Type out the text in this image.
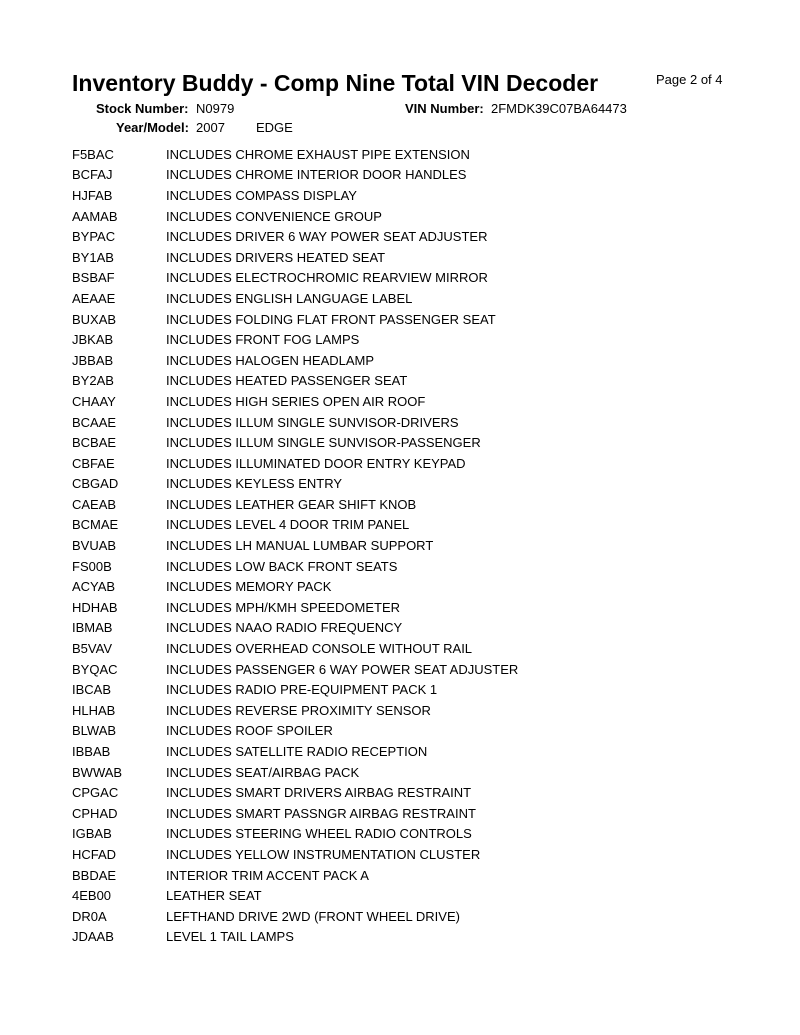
Inventory Buddy - Comp Nine Total VIN Decoder	Page 2 of 4
Stock Number: N0979	VIN Number: 2FMDK39C07BA64473
Year/Model: 2007 EDGE
F5BAC	INCLUDES CHROME EXHAUST PIPE EXTENSION
BCFAJ	INCLUDES CHROME INTERIOR DOOR HANDLES
HJFAB	INCLUDES COMPASS DISPLAY
AAMAB	INCLUDES CONVENIENCE GROUP
BYPAC	INCLUDES DRIVER 6 WAY POWER SEAT ADJUSTER
BY1AB	INCLUDES DRIVERS HEATED SEAT
BSBAF	INCLUDES ELECTROCHROMIC REARVIEW MIRROR
AEAAE	INCLUDES ENGLISH LANGUAGE LABEL
BUXAB	INCLUDES FOLDING FLAT FRONT PASSENGER SEAT
JBKAB	INCLUDES FRONT FOG LAMPS
JBBAB	INCLUDES HALOGEN HEADLAMP
BY2AB	INCLUDES HEATED PASSENGER SEAT
CHAAY	INCLUDES HIGH SERIES OPEN AIR ROOF
BCAAE	INCLUDES ILLUM SINGLE SUNVISOR-DRIVERS
BCBAE	INCLUDES ILLUM SINGLE SUNVISOR-PASSENGER
CBFAE	INCLUDES ILLUMINATED DOOR ENTRY KEYPAD
CBGAD	INCLUDES KEYLESS ENTRY
CAEAB	INCLUDES LEATHER GEAR SHIFT KNOB
BCMAE	INCLUDES LEVEL 4 DOOR TRIM PANEL
BVUAB	INCLUDES LH MANUAL LUMBAR SUPPORT
FS00B	INCLUDES LOW BACK FRONT SEATS
ACYAB	INCLUDES MEMORY PACK
HDHAB	INCLUDES MPH/KMH SPEEDOMETER
IBMAB	INCLUDES NAAO RADIO FREQUENCY
B5VAV	INCLUDES OVERHEAD CONSOLE WITHOUT RAIL
BYQAC	INCLUDES PASSENGER 6 WAY POWER SEAT ADJUSTER
IBCAB	INCLUDES RADIO PRE-EQUIPMENT PACK 1
HLHAB	INCLUDES REVERSE PROXIMITY SENSOR
BLWAB	INCLUDES ROOF SPOILER
IBBAB	INCLUDES SATELLITE RADIO RECEPTION
BWWAB	INCLUDES SEAT/AIRBAG PACK
CPGAC	INCLUDES SMART DRIVERS AIRBAG RESTRAINT
CPHAD	INCLUDES SMART PASSNGR AIRBAG RESTRAINT
IGBAB	INCLUDES STEERING WHEEL RADIO CONTROLS
HCFAD	INCLUDES YELLOW INSTRUMENTATION CLUSTER
BBDAE	INTERIOR TRIM ACCENT PACK A
4EB00	LEATHER SEAT
DR0A	LEFTHAND DRIVE 2WD (FRONT WHEEL DRIVE)
JDAAB	LEVEL 1 TAIL LAMPS
